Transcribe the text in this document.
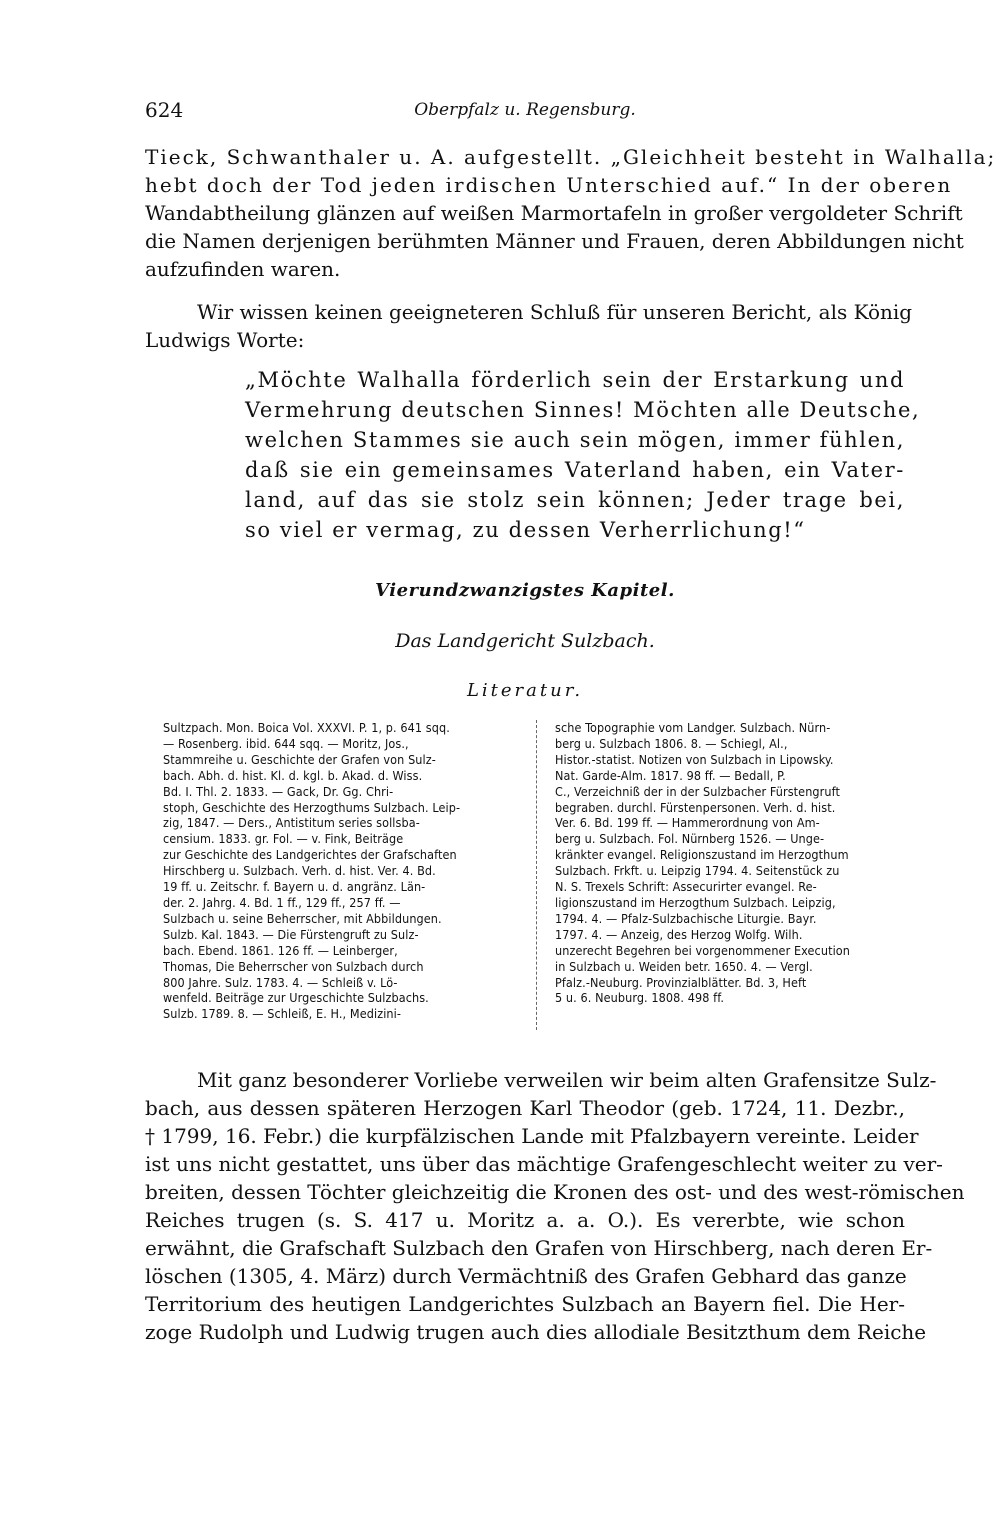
624	Oberpfalz u. Regensburg.

Tieck, Schwanthaler u. A. aufgestellt. „Gleichheit besteht in Walhalla;
hebt doch der Tod jeden irdischen Unterschied auf.“ In der oberen
Wandabtheilung glänzen auf weißen Marmortafeln in großer vergoldeter Schrift
die Namen derjenigen berühmten Männer und Frauen, deren Abbildungen nicht
aufzufinden waren.

Wir wissen keinen geeigneteren Schluß für unseren Bericht, als König
Ludwigs Worte:

„Möchte Walhalla förderlich sein der Erstarkung und
Vermehrung deutschen Sinnes! Möchten alle Deutsche,
welchen Stammes sie auch sein mögen, immer fühlen,
daß sie ein gemeinsames Vaterland haben, ein Vater-
land, auf das sie stolz sein können; Jeder trage bei,
so viel er vermag, zu dessen Verherrlichung!“

Vierundzwanzigstes Kapitel.
Das Landgericht Sulzbach.
Literatur.
Sultzpach. Mon. Boica Vol. XXXVI. P. 1, p. 641 sqq.
— Rosenberg. ibid. 644 sqq. — Moritz, Jos.,
Stammreihe u. Geschichte der Grafen von Sulz-
bach. Abh. d. hist. Kl. d. kgl. b. Akad. d. Wiss.
Bd. I. Thl. 2. 1833. — Gack, Dr. Gg. Chri-
stoph, Geschichte des Herzogthums Sulzbach. Leip-
zig, 1847. — Ders., Antistitum series sollsba-
censium. 1833. gr. Fol. — v. Fink, Beiträge
zur Geschichte des Landgerichtes der Grafschaften
Hirschberg u. Sulzbach. Verh. d. hist. Ver. 4. Bd.
19 ff. u. Zeitschr. f. Bayern u. d. angränz. Län-
der. 2. Jahrg. 4. Bd. 1 ff., 129 ff., 257 ff. —
Sulzbach u. seine Beherrscher, mit Abbildungen.
Sulzb. Kal. 1843. — Die Fürstengruft zu Sulz-
bach. Ebend. 1861. 126 ff. — Leinberger,
Thomas, Die Beherrscher von Sulzbach durch
800 Jahre. Sulz. 1783. 4. — Schleiß v. Lö-
wenfeld. Beiträge zur Urgeschichte Sulzbachs.
Sulzb. 1789. 8. — Schleiß, E. H., Medizini-
sche Topographie vom Landger. Sulzbach. Nürn-
berg u. Sulzbach 1806. 8. — Schiegl, Al.,
Histor.-statist. Notizen von Sulzbach in Lipowsky.
Nat. Garde-Alm. 1817. 98 ff. — Bedall, P.
C., Verzeichniß der in der Sulzbacher Fürstengruft
begraben. durchl. Fürstenpersonen. Verh. d. hist.
Ver. 6. Bd. 199 ff. — Hammerordnung von Am-
berg u. Sulzbach. Fol. Nürnberg 1526. — Unge-
kränkter evangel. Religionszustand im Herzogthum
Sulzbach. Frkft. u. Leipzig 1794. 4. Seitenstück zu
N. S. Trexels Schrift: Assecurirter evangel. Re-
ligionszustand im Herzogthum Sulzbach. Leipzig,
1794. 4. — Pfalz-Sulzbachische Liturgie. Bayr.
1797. 4. — Anzeig, des Herzog Wolfg. Wilh.
unzerecht Begehren bei vorgenommener Execution
in Sulzbach u. Weiden betr. 1650. 4. — Vergl.
Pfalz.-Neuburg. Provinzialblätter. Bd. 3, Heft
5 u. 6. Neuburg. 1808. 498 ff.

Mit ganz besonderer Vorliebe verweilen wir beim alten Grafensitze Sulz-
bach, aus dessen späteren Herzogen Karl Theodor (geb. 1724, 11. Dezbr.,
† 1799, 16. Febr.) die kurpfälzischen Lande mit Pfalzbayern vereinte. Leider
ist uns nicht gestattet, uns über das mächtige Grafengeschlecht weiter zu ver-
breiten, dessen Töchter gleichzeitig die Kronen des ost- und des west-römischen
Reiches trugen (s. S. 417 u. Moritz a. a. O.). Es vererbte, wie schon
erwähnt, die Grafschaft Sulzbach den Grafen von Hirschberg, nach deren Er-
löschen (1305, 4. März) durch Vermächtniß des Grafen Gebhard das ganze
Territorium des heutigen Landgerichtes Sulzbach an Bayern fiel. Die Her-
zoge Rudolph und Ludwig trugen auch dies allodiale Besitzthum dem Reiche
